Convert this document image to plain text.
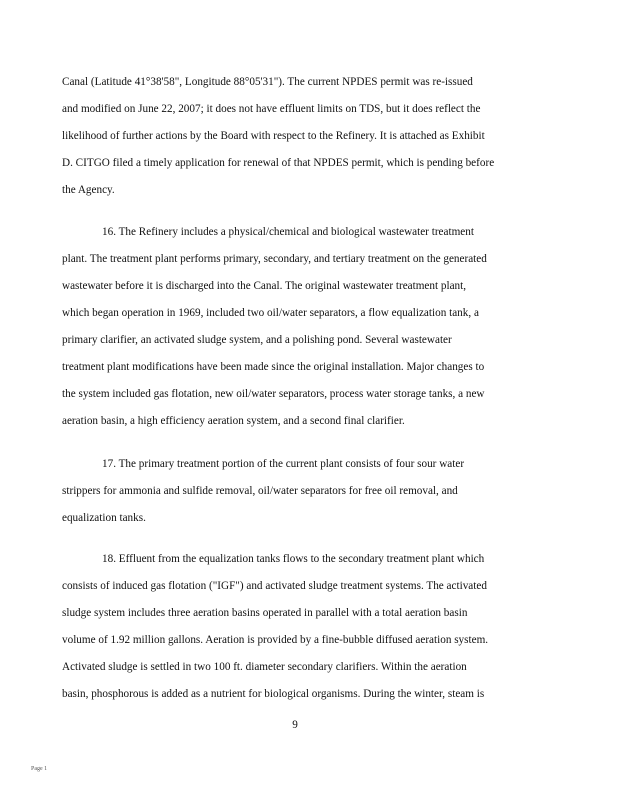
Canal (Latitude 41°38'58", Longitude 88°05'31"). The current NPDES permit was re-issued
and modified on June 22, 2007; it does not have effluent limits on TDS, but it does reflect the
likelihood of further actions by the Board with respect to the Refinery. It is attached as Exhibit
D. CITGO filed a timely application for renewal of that NPDES permit, which is pending before
the Agency.
16. The Refinery includes a physical/chemical and biological wastewater treatment
plant. The treatment plant performs primary, secondary, and tertiary treatment on the generated
wastewater before it is discharged into the Canal. The original wastewater treatment plant,
which began operation in 1969, included two oil/water separators, a flow equalization tank, a
primary clarifier, an activated sludge system, and a polishing pond. Several wastewater
treatment plant modifications have been made since the original installation. Major changes to
the system included gas flotation, new oil/water separators, process water storage tanks, a new
aeration basin, a high efficiency aeration system, and a second final clarifier.
17. The primary treatment portion of the current plant consists of four sour water
strippers for ammonia and sulfide removal, oil/water separators for free oil removal, and
equalization tanks.
18. Effluent from the equalization tanks flows to the secondary treatment plant which
consists of induced gas flotation ("IGF") and activated sludge treatment systems. The activated
sludge system includes three aeration basins operated in parallel with a total aeration basin
volume of 1.92 million gallons. Aeration is provided by a fine-bubble diffused aeration system.
Activated sludge is settled in two 100 ft. diameter secondary clarifiers. Within the aeration
basin, phosphorous is added as a nutrient for biological organisms. During the winter, steam is
9
Page 1
